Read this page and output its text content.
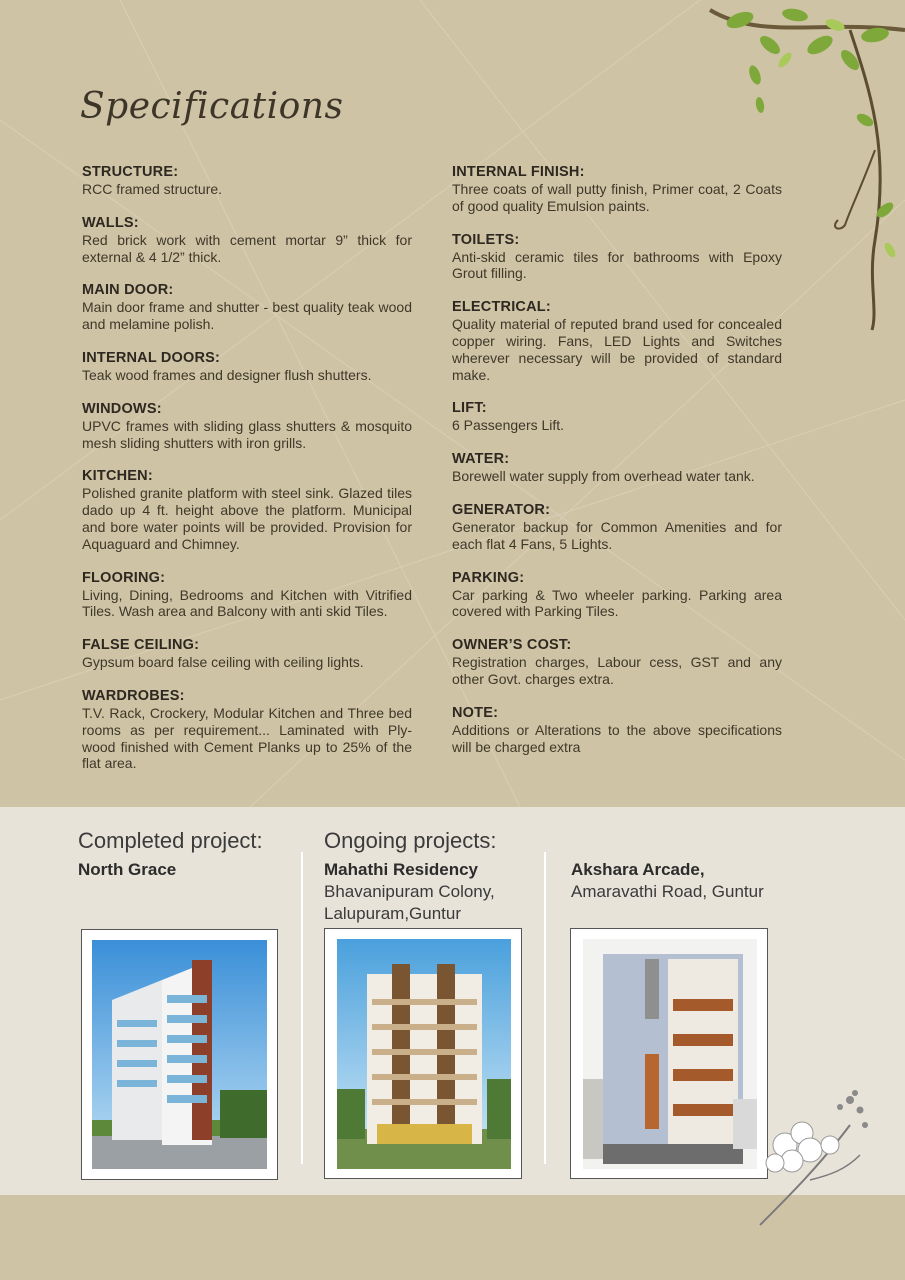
Specifications
STRUCTURE:

RCC framed structure.

WALLS:

Red brick work with cement mortar 9” thick for external & 4 1/2” thick.

MAIN DOOR:

Main door frame and shutter - best quality teak wood and melamine polish.

INTERNAL DOORS:

Teak wood frames and designer flush shutters.

WINDOWS:

UPVC frames with sliding glass shutters & mosquito mesh sliding shutters with iron grills.

KITCHEN:

Polished granite platform with steel sink. Glazed tiles dado up 4 ft. height above the platform. Municipal and bore water points will be provided. Provision for Aquaguard and Chimney.

FLOORING:

Living, Dining, Bedrooms and Kitchen with Vitrified Tiles. Wash area and Balcony with anti skid Tiles.

FALSE CEILING:

Gypsum board false ceiling with ceiling lights.

WARDROBES:

T.V. Rack, Crockery, Modular Kitchen and Three bed rooms as per requirement... Laminated with Ply-wood finished with Cement Planks up to 25% of the flat area.

INTERNAL FINISH:

Three coats of wall putty finish, Primer coat, 2 Coats of good quality Emulsion paints.

TOILETS:

Anti-skid ceramic tiles for bathrooms with Epoxy Grout filling.

ELECTRICAL:

Quality material of reputed brand used for concealed copper wiring. Fans, LED Lights and Switches wherever necessary will be provided of standard make.

LIFT:

6 Passengers Lift.

WATER:

Borewell water supply from overhead water tank.

GENERATOR:

Generator backup for Common Amenities and for each flat 4 Fans, 5 Lights.

PARKING:

Car parking & Two wheeler parking. Parking area covered with Parking Tiles.

OWNER’S COST:

Registration charges, Labour cess, GST and any other Govt. charges extra.

NOTE:

Additions or Alterations to the above specifications will be charged extra

Completed project:	Ongoing projects:
North Grace	Mahathi Residency
Bhavanipuram Colony, Lalupuram,Guntur
Akshara Arcade,
Amaravathi Road, Guntur
